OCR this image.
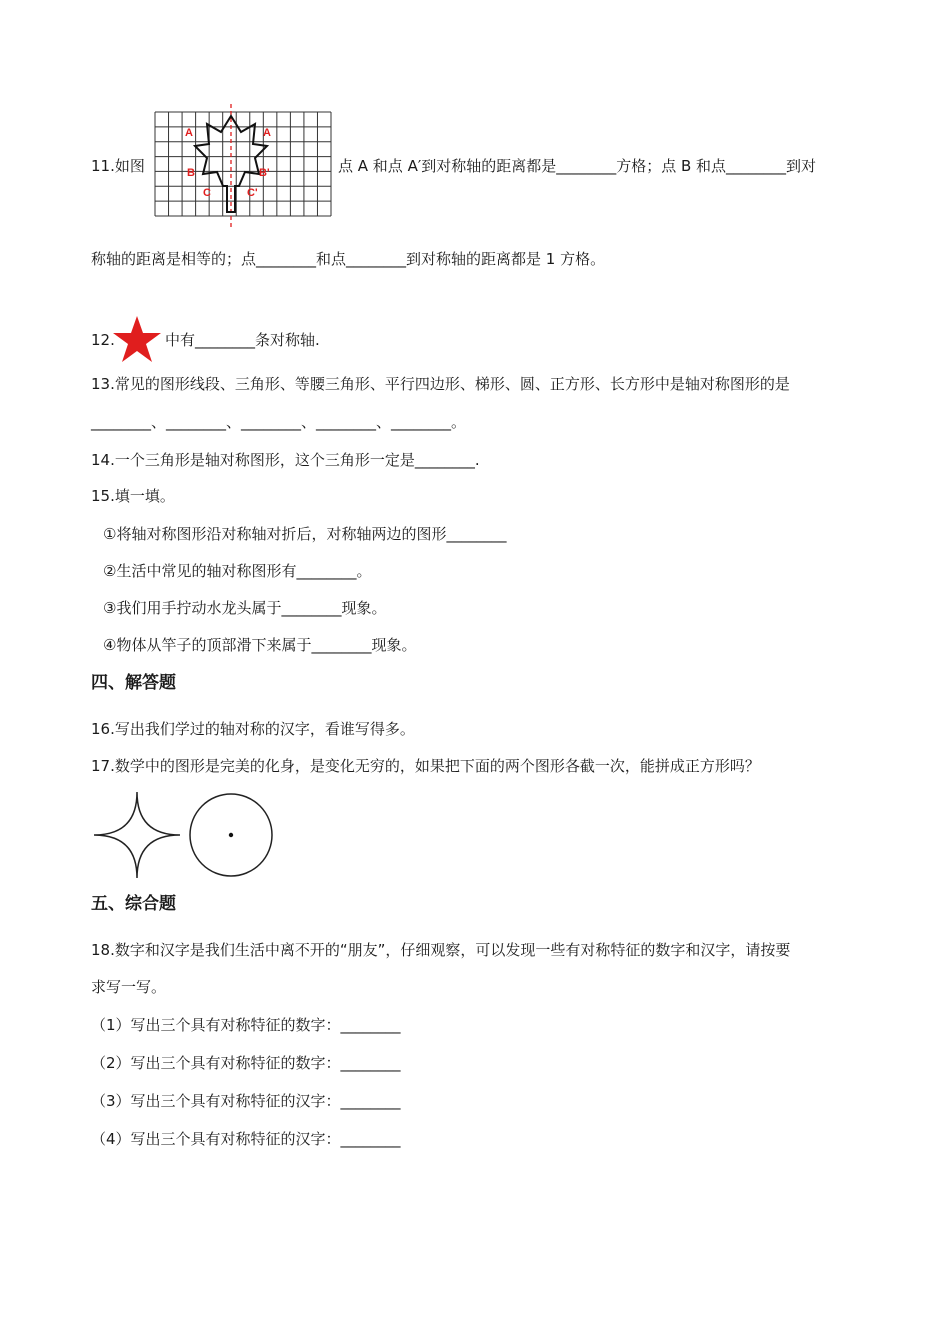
11.如图
A	A
B	B'
C	C'
点 A 和点 A′到对称轴的距离都是________方格；点 B 和点________到对
称轴的距离是相等的；点________和点________到对称轴的距离都是 1 方格。
12.	中有________条对称轴.
13.常见的图形线段、三角形、等腰三角形、平行四边形、梯形、圆、正方形、长方形中是轴对称图形的是
________、________、________、________、________。
14.一个三角形是轴对称图形，这个三角形一定是________.
15.填一填。
①将轴对称图形沿对称轴对折后，对称轴两边的图形________
②生活中常见的轴对称图形有________。
③我们用手拧动水龙头属于________现象。
④物体从竿子的顶部滑下来属于________现象。
四、解答题
16.写出我们学过的轴对称的汉字，看谁写得多。
17.数学中的图形是完美的化身，是变化无穷的，如果把下面的两个图形各截一次，能拼成正方形吗？
五、综合题
18.数字和汉字是我们生活中离不开的“朋友”，仔细观察，可以发现一些有对称特征的数字和汉字，请按要
求写一写。
（1）写出三个具有对称特征的数字：________
（2）写出三个具有对称特征的数字：________
（3）写出三个具有对称特征的汉字：________
（4）写出三个具有对称特征的汉字：________
